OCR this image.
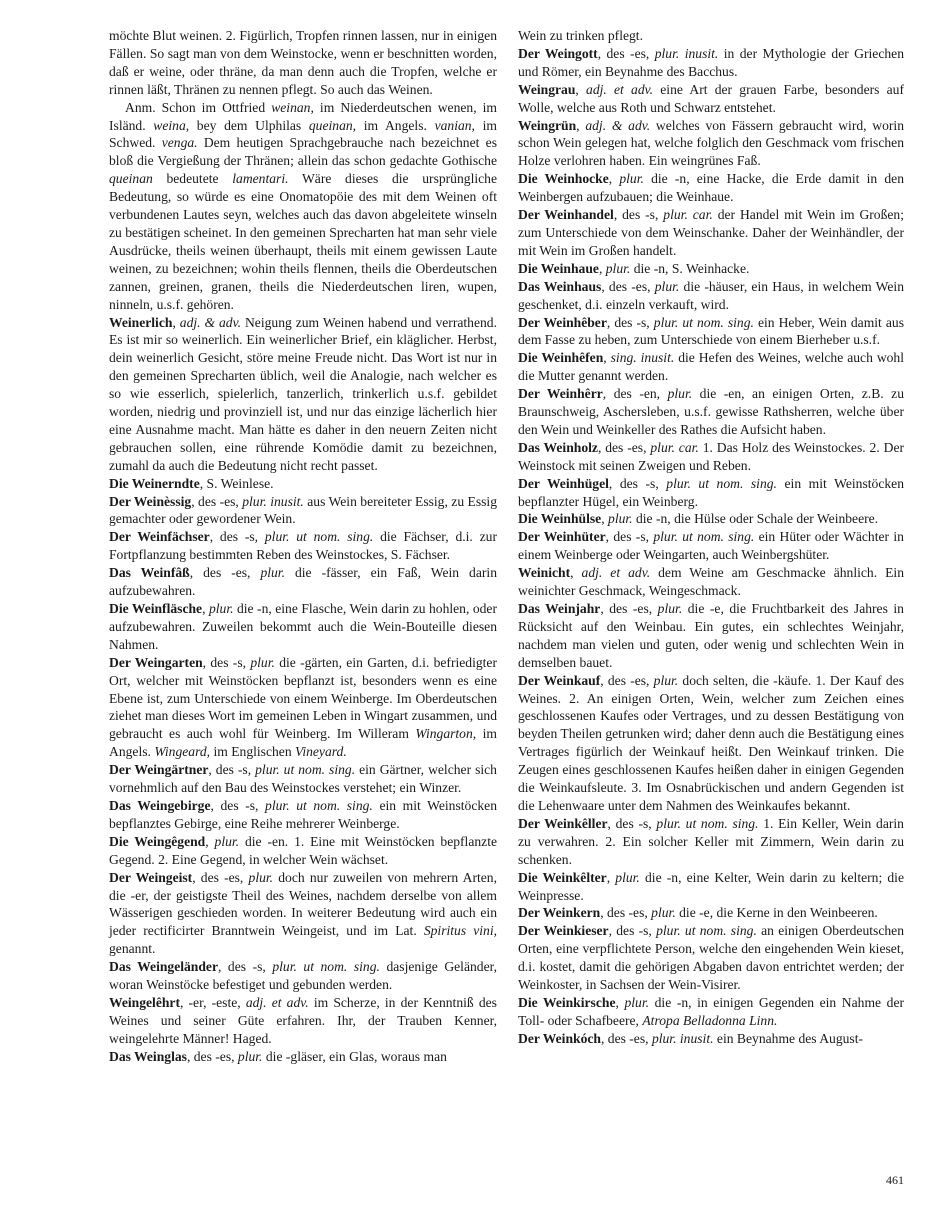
möchte Blut weinen. 2. Figürlich, Tropfen rinnen lassen, nur in einigen Fällen. So sagt man von dem Weinstocke, wenn er beschnitten worden, daß er weine, oder thräne, da man denn auch die Tropfen, welche er rinnen läßt, Thränen zu nennen pflegt. So auch das Weinen.

Anm. Schon im Ottfried weinan, im Niederdeutschen wenen, im Isländ. weina, bey dem Ulphilas queinan, im Angels. vanian, im Schwed. venga. Dem heutigen Sprachgebrauche nach bezeichnet es bloß die Vergießung der Thränen; allein das schon gedachte Gothische queinan bedeutete lamentari. Wäre dieses die ursprüngliche Bedeutung, so würde es eine Onomatopöie des mit dem Weinen oft verbundenen Lautes seyn, welches auch das davon abgeleitete winseln zu bestätigen scheinet. In den gemeinen Sprecharten hat man sehr viele Ausdrücke, theils weinen überhaupt, theils mit einem gewissen Laute weinen, zu bezeichnen; wohin theils flennen, theils die Oberdeutschen zannen, greinen, granen, theils die Niederdeutschen liren, wupen, ninneln, u.s.f. gehören.

Weinerlich, adj. & adv. Neigung zum Weinen habend und verrathend. Es ist mir so weinerlich. Ein weinerlicher Brief, ein kläglicher. Herbst, dein weinerlich Gesicht, störe meine Freude nicht. Das Wort ist nur in den gemeinen Sprecharten üblich, weil die Analogie, nach welcher es so wie esserlich, spielerlich, tanzerlich, trinkerlich u.s.f. gebildet worden, niedrig und provinziell ist, und nur das einzige lächerlich hier eine Ausnahme macht. Man hätte es daher in den neuern Zeiten nicht gebrauchen sollen, eine rührende Komödie damit zu bezeichnen, zumahl da auch die Bedeutung nicht recht passet.

Die Weinerndte, S. Weinlese.

Der Weinèssig, des -es, plur. inusit. aus Wein bereiteter Essig, zu Essig gemachter oder gewordener Wein.

Der Weinfächser, des -s, plur. ut nom. sing. die Fächser, d.i. zur Fortpflanzung bestimmten Reben des Weinstockes, S. Fächser.

Das Weinfâß, des -es, plur. die -fässer, ein Faß, Wein darin aufzubewahren.

Die Weinfläsche, plur. die -n, eine Flasche, Wein darin zu hohlen, oder aufzubewahren. Zuweilen bekommt auch die Wein-Bouteille diesen Nahmen.

Der Weingarten, des -s, plur. die -gärten, ein Garten, d.i. befriedigter Ort, welcher mit Weinstöcken bepflanzt ist, besonders wenn es eine Ebene ist, zum Unterschiede von einem Weinberge. Im Oberdeutschen ziehet man dieses Wort im gemeinen Leben in Wingart zusammen, und gebraucht es auch wohl für Weinberg. Im Willeram Wingarton, im Angels. Wingeard, im Englischen Vineyard.

Der Weingärtner, des -s, plur. ut nom. sing. ein Gärtner, welcher sich vornehmlich auf den Bau des Weinstockes verstehet; ein Winzer.

Das Weingebirge, des -s, plur. ut nom. sing. ein mit Weinstöcken bepflanztes Gebirge, eine Reihe mehrerer Weinberge.

Die Weingêgend, plur. die -en. 1. Eine mit Weinstöcken bepflanzte Gegend. 2. Eine Gegend, in welcher Wein wächset.

Der Weingeist, des -es, plur. doch nur zuweilen von mehrern Arten, die -er, der geistigste Theil des Weines, nachdem derselbe von allem Wässerigen geschieden worden. In weiterer Bedeutung wird auch ein jeder rectificirter Branntwein Weingeist, und im Lat. Spiritus vini, genannt.

Das Weingeländer, des -s, plur. ut nom. sing. dasjenige Geländer, woran Weinstöcke befestiget und gebunden werden.

Weingelêhrt, -er, -este, adj. et adv. im Scherze, in der Kenntniß des Weines und seiner Güte erfahren. Ihr, der Trauben Kenner, weingelehrte Männer! Haged.

Das Weinglas, des -es, plur. die -gläser, ein Glas, woraus man

Wein zu trinken pflegt.

Der Weingott, des -es, plur. inusit. in der Mythologie der Griechen und Römer, ein Beynahme des Bacchus.

Weingrau, adj. et adv. eine Art der grauen Farbe, besonders auf Wolle, welche aus Roth und Schwarz entstehet.

Weingrün, adj. & adv. welches von Fässern gebraucht wird, worin schon Wein gelegen hat, welche folglich den Geschmack vom frischen Holze verlohren haben. Ein weingrünes Faß.

Die Weinhocke, plur. die -n, eine Hacke, die Erde damit in den Weinbergen aufzubauen; die Weinhaue.

Der Weinhandel, des -s, plur. car. der Handel mit Wein im Großen; zum Unterschiede von dem Weinschanke. Daher der Weinhändler, der mit Wein im Großen handelt.

Die Weinhaue, plur. die -n, S. Weinhacke.

Das Weinhaus, des -es, plur. die -häuser, ein Haus, in welchem Wein geschenket, d.i. einzeln verkauft, wird.

Der Weinhêber, des -s, plur. ut nom. sing. ein Heber, Wein damit aus dem Fasse zu heben, zum Unterschiede von einem Bierheber u.s.f.

Die Weinhêfen, sing. inusit. die Hefen des Weines, welche auch wohl die Mutter genannt werden.

Der Weinhêrr, des -en, plur. die -en, an einigen Orten, z.B. zu Braunschweig, Aschersleben, u.s.f. gewisse Rathsherren, welche über den Wein und Weinkeller des Rathes die Aufsicht haben.

Das Weinholz, des -es, plur. car. 1. Das Holz des Weinstockes. 2. Der Weinstock mit seinen Zweigen und Reben.

Der Weinhügel, des -s, plur. ut nom. sing. ein mit Weinstöcken bepflanzter Hügel, ein Weinberg.

Die Weinhülse, plur. die -n, die Hülse oder Schale der Weinbeere.

Der Weinhüter, des -s, plur. ut nom. sing. ein Hüter oder Wächter in einem Weinberge oder Weingarten, auch Weinbergshüter.

Weinicht, adj. et adv. dem Weine am Geschmacke ähnlich. Ein weinichter Geschmack, Weingeschmack.

Das Weinjahr, des -es, plur. die -e, die Fruchtbarkeit des Jahres in Rücksicht auf den Weinbau. Ein gutes, ein schlechtes Weinjahr, nachdem man vielen und guten, oder wenig und schlechten Wein in demselben bauet.

Der Weinkauf, des -es, plur. doch selten, die -käufe. 1. Der Kauf des Weines. 2. An einigen Orten, Wein, welcher zum Zeichen eines geschlossenen Kaufes oder Vertrages, und zu dessen Bestätigung von beyden Theilen getrunken wird; daher denn auch die Bestätigung eines Vertrages figürlich der Weinkauf heißt. Den Weinkauf trinken. Die Zeugen eines geschlossenen Kaufes heißen daher in einigen Gegenden die Weinkaufsleute. 3. Im Osnabrückischen und andern Gegenden ist die Lehenwaare unter dem Nahmen des Weinkaufes bekannt.

Der Weinkêller, des -s, plur. ut nom. sing. 1. Ein Keller, Wein darin zu verwahren. 2. Ein solcher Keller mit Zimmern, Wein darin zu schenken.

Die Weinkêlter, plur. die -n, eine Kelter, Wein darin zu keltern; die Weinpresse.

Der Weinkern, des -es, plur. die -e, die Kerne in den Weinbeeren.

Der Weinkieser, des -s, plur. ut nom. sing. an einigen Oberdeutschen Orten, eine verpflichtete Person, welche den eingehenden Wein kieset, d.i. kostet, damit die gehörigen Abgaben davon entrichtet werden; der Weinkoster, in Sachsen der Wein-Visirer.

Die Weinkirsche, plur. die -n, in einigen Gegenden ein Nahme der Toll- oder Schafbeere, Atropa Belladonna Linn.

Der Weinkóch, des -es, plur. inusit. ein Beynahme des August-

461
